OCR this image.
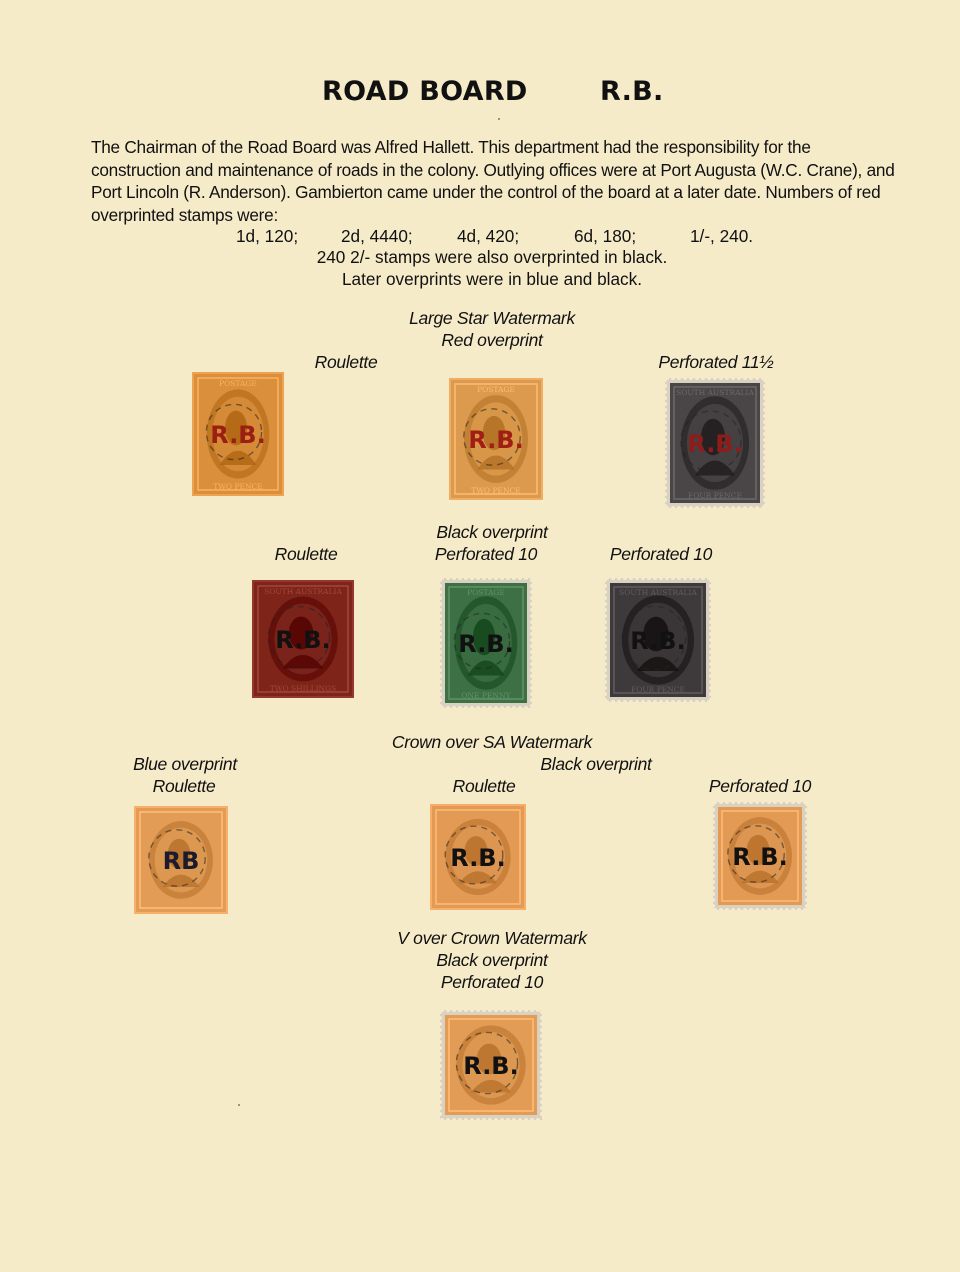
ROAD BOARD	R.B.
The Chairman of the Road Board was Alfred Hallett. This department had the responsibility for the construction and maintenance of roads in the colony. Outlying offices were at Port Augusta (W.C. Crane), and Port Lincoln (R. Anderson). Gambierton came under the control of the board at a later date. Numbers of red overprinted stamps were:
1d, 120; 2d, 4440;	4d, 420;	6d, 180;	1/-, 240.
240 2/- stamps were also overprinted in black.
Later overprints were in blue and black.
Large Star Watermark
Red overprint
Roulette	Perforated 11½
Black overprint
Perforated 10
Roulette	Perforated 10
Crown over SA Watermark
Black overprint
Blue overprint
Roulette	Roulette	Perforated 10
V over Crown Watermark
Black overprint
Perforated 10
POSTAGE
TWO PENCE
R.B.
POSTAGE
TWO PENCE
R.B.
SOUTH AUSTRALIA
FOUR PENCE
R.B.
SOUTH AUSTRALIA
TWO SHILLINGS
R.B.
POSTAGE
ONE PENNY
R.B.
SOUTH AUSTRALIA
FOUR PENCE
R.B.
RB	R.B.	R.B.
R.B.
